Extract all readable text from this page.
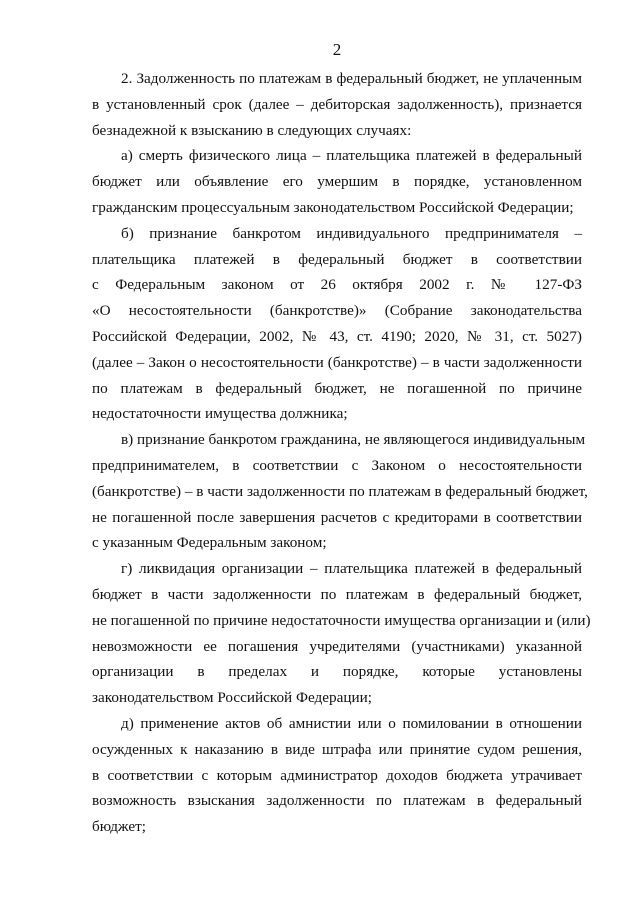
2
2. Задолженность по платежам в федеральный бюджет, не уплаченным
в установленный срок (далее – дебиторская задолженность), признается
безнадежной к взысканию в следующих случаях:
а) смерть физического лица – плательщика платежей в федеральный
бюджет или объявление его умершим в порядке, установленном
гражданским процессуальным законодательством Российской Федерации;
б) признание банкротом индивидуального предпринимателя –
плательщика платежей в федеральный бюджет в соответствии
с Федеральным законом от 26 октября 2002 г. № 127-ФЗ
«О несостоятельности (банкротстве)» (Собрание законодательства
Российской Федерации, 2002, № 43, ст. 4190; 2020, № 31, ст. 5027)
(далее – Закон о несостоятельности (банкротстве) – в части задолженности
по платежам в федеральный бюджет, не погашенной по причине
недостаточности имущества должника;
в) признание банкротом гражданина, не являющегося индивидуальным
предпринимателем, в соответствии с Законом о несостоятельности
(банкротстве) – в части задолженности по платежам в федеральный бюджет,
не погашенной после завершения расчетов с кредиторами в соответствии
с указанным Федеральным законом;
г) ликвидация организации – плательщика платежей в федеральный
бюджет в части задолженности по платежам в федеральный бюджет,
не погашенной по причине недостаточности имущества организации и (или)
невозможности ее погашения учредителями (участниками) указанной
организации в пределах и порядке, которые установлены
законодательством Российской Федерации;
д) применение актов об амнистии или о помиловании в отношении
осужденных к наказанию в виде штрафа или принятие судом решения,
в соответствии с которым администратор доходов бюджета утрачивает
возможность взыскания задолженности по платежам в федеральный
бюджет;
